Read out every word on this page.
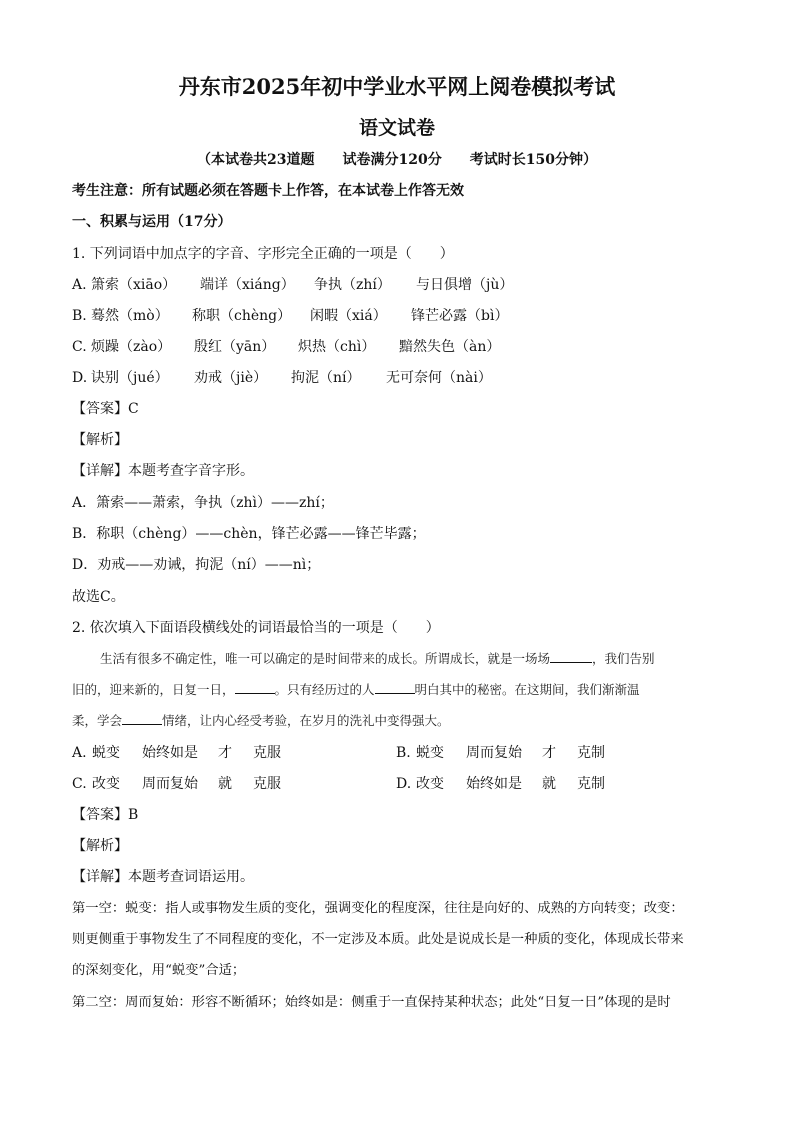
丹东市2025年初中学业水平网上阅卷模拟考试
语文试卷
（本试卷共23道题　　试卷满分120分　　考试时长150分钟）
考生注意：所有试题必须在答题卡上作答，在本试卷上作答无效
一、积累与运用（17分）
1. 下列词语中加点字的字音、字形完全正确的一项是（　　）
A. 箫索（xiāo） 端详（xiáng） 争执（zhí） 与日俱增（jù）
B. 蓦然（mò） 称职（chèng） 闲暇（xiá） 锋芒必露（bì）
C. 烦躁（zào） 殷红（yān） 炽热（chì） 黯然失色（àn）
D. 诀别（jué） 劝戒（jiè） 拘泥（ní） 无可奈何（nài）
【答案】C
【解析】
【详解】本题考查字音字形。
A．箫索——萧索，争执（zhì）——zhí；
B．称职（chèng）——chèn，锋芒必露——锋芒毕露；
D．劝戒——劝诫，拘泥（ní）——nì；
故选C。
2. 依次填入下面语段横线处的词语最恰当的一项是（　　）
生活有很多不确定性，唯一可以确定的是时间带来的成长。所谓成长，就是一场场	，我们告别
旧的，迎来新的，日复一日，	。只有经历过的人	明白其中的秘密。在这期间，我们渐渐温
柔，学会	情绪，让内心经受考验，在岁月的洗礼中变得强大。
A. 蜕变 始终如是 才 克服	B. 蜕变 周而复始 才 克制
C. 改变 周而复始 就 克服	D. 改变 始终如是 就 克制
【答案】B
【解析】
【详解】本题考查词语运用。
第一空：蜕变：指人或事物发生质的变化，强调变化的程度深，往往是向好的、成熟的方向转变；改变：
则更侧重于事物发生了不同程度的变化，不一定涉及本质。此处是说成长是一种质的变化，体现成长带来
的深刻变化，用“蜕变”合适；
第二空：周而复始：形容不断循环；始终如是：侧重于一直保持某种状态；此处“日复一日”体现的是时
